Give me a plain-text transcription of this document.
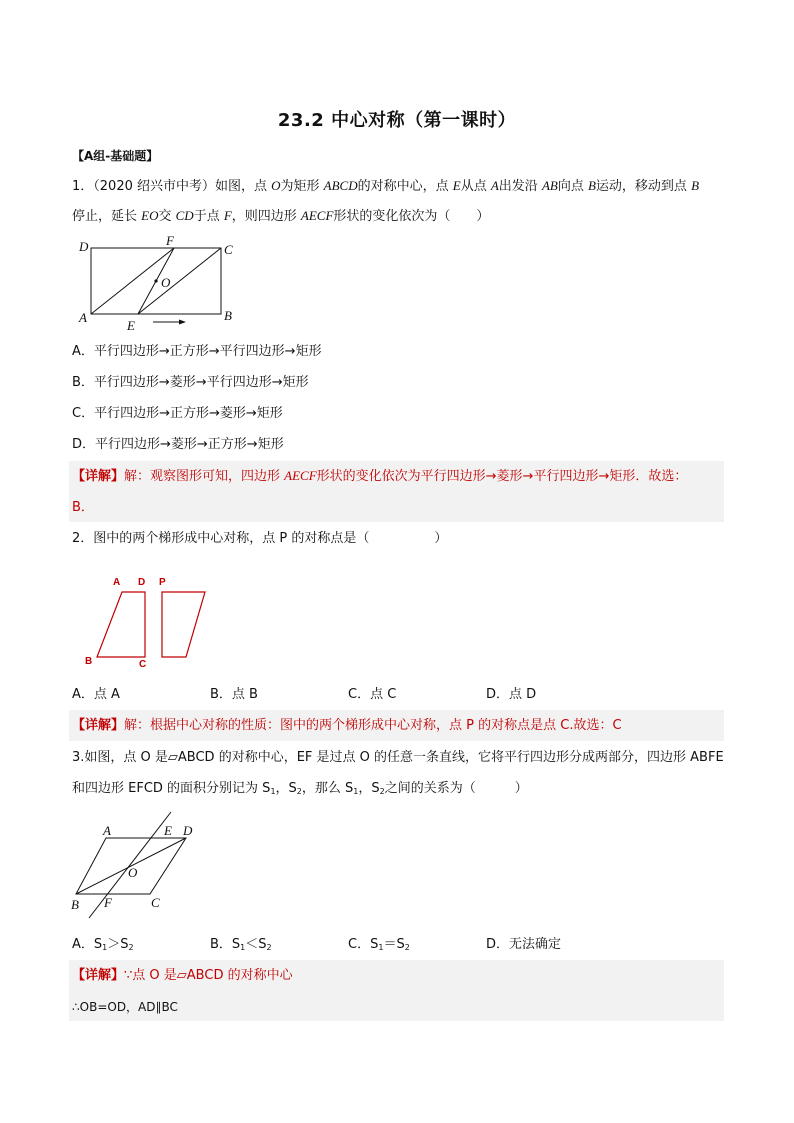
23.2 中心对称（第一课时）
【A组-基础题】
1．（2020 绍兴市中考）如图，点 O为矩形 ABCD的对称中心，点 E从点 A出发沿 AB向点 B运动，移动到点 B
停止，延长 EO交 CD于点 F，则四边形 AECF形状的变化依次为（　　）
D	F
C
O
A
E
B
A D P
B	C
A	E D
O
B F	C
A．平行四边形→正方形→平行四边形→矩形
B．平行四边形→菱形→平行四边形→矩形
C．平行四边形→正方形→菱形→矩形
D．平行四边形→菱形→正方形→矩形
【详解】解：观察图形可知，四边形 AECF形状的变化依次为平行四边形→菱形→平行四边形→矩形．故选：
B．
2．图中的两个梯形成中心对称，点 P 的对称点是（　　　　　）
A．点 A	B．点 B	C．点 C	D．点 D
【详解】解：根据中心对称的性质：图中的两个梯形成中心对称，点 P 的对称点是点 C.故选：C
3.如图，点 O 是▱ABCD 的对称中心，EF 是过点 O 的任意一条直线，它将平行四边形分成两部分，四边形 ABFE
和四边形 EFCD 的面积分别记为 $S_1$，$S_2$，那么 $S_1$，$S_2$之间的关系为（　　　）
A．$S_1>S_2$	B．$S_1<S_2$	C．$S_1=S_2$	D．无法确定
【详解】∵点 O 是▱ABCD 的对称中心
∴OB=OD，AD∥BC
